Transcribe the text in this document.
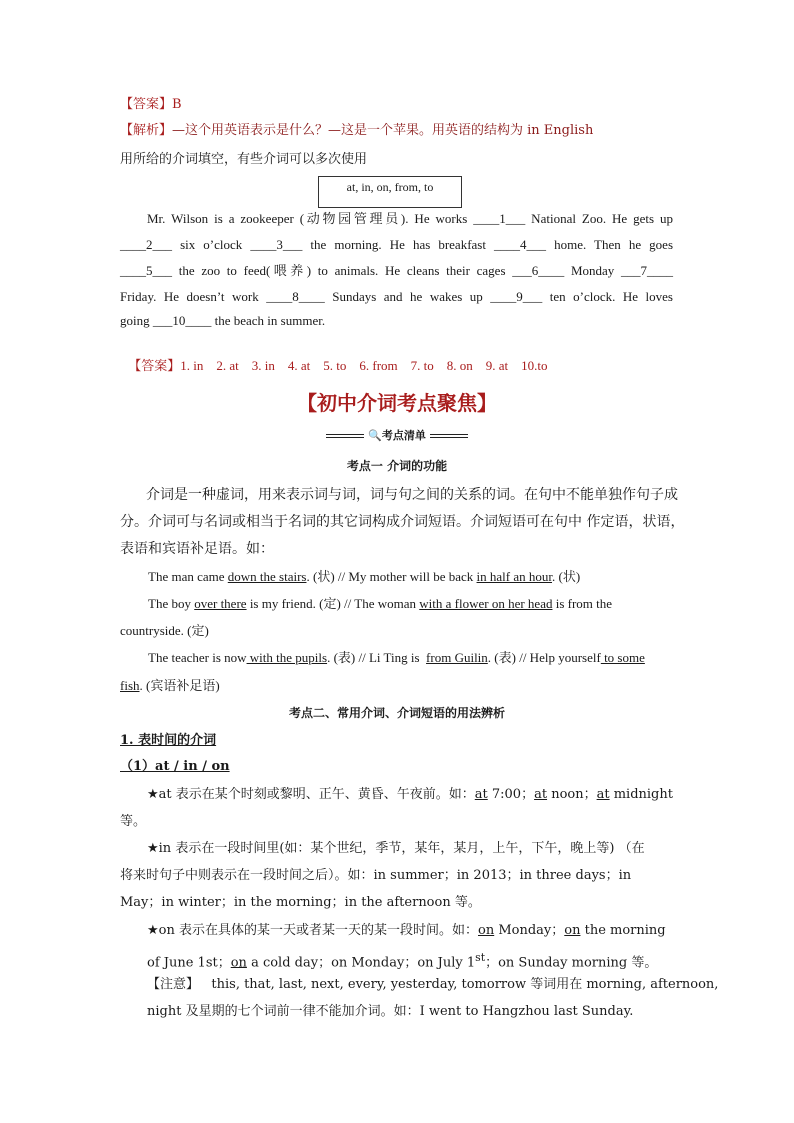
【答案】B
【解析】—这个用英语表示是什么？—这是一个苹果。用英语的结构为 in English
用所给的介词填空，有些介词可以多次使用
at, in, on, from, to
Mr. Wilson is a zookeeper (动物园管理员). He works ____1___ National Zoo. He gets up
____2___ six o’clock ____3___ the morning. He has breakfast ____4___ home. Then he goes
____5___ the zoo to feed(喂养) to animals. He cleans their cages ___6____ Monday ___7____
Friday. He doesn’t work ____8____ Sundays and he wakes up ____9___ ten o’clock. He loves
going ___10____ the beach in summer.

【答案】1. in    2. at    3. in    4. at    5. to    6. from    7. to    8. on    9. at    10.to

【初中介词考点聚焦】
🔍考点清单
考点一 介词的功能
介词是一种虚词，用来表示词与词，词与句之间的关系的词。在句中不能单独作句子成
分。介词可与名词或相当于名词的其它词构成介词短语。介词短语可在句中 作定语，状语，
表语和宾语补足语。如：
The man came down the stairs. (状) // My mother will be back in half an hour. (状)
The boy over there is my friend. (定) // The woman with a flower on her head is from the
countryside. (定)
The teacher is now with the pupils. (表) // Li Ting is  from Guilin. (表) // Help yourself to some
fish. (宾语补足语)
考点二、常用介词、介词短语的用法辨析
1. 表时间的介词
（1）at / in / on
★at 表示在某个时刻或黎明、正午、黄昏、午夜前。如：at 7:00；at noon；at midnight
等。
★in 表示在一段时间里(如：某个世纪，季节，某年，某月，上午，下午，晚上等) （在
将来时句子中则表示在一段时间之后）。如：in summer；in 2013；in three days；in
May；in winter；in the morning；in the afternoon 等。
★on 表示在具体的某一天或者某一天的某一段时间。如：on Monday；on the morning
of June 1st；on a cold day；on Monday；on July 1st；on Sunday morning 等。
【注意】   this, that, last, next, every, yesterday, tomorrow 等词用在 morning, afternoon,
night 及星期的七个词前一律不能加介词。如：I went to Hangzhou last Sunday.
